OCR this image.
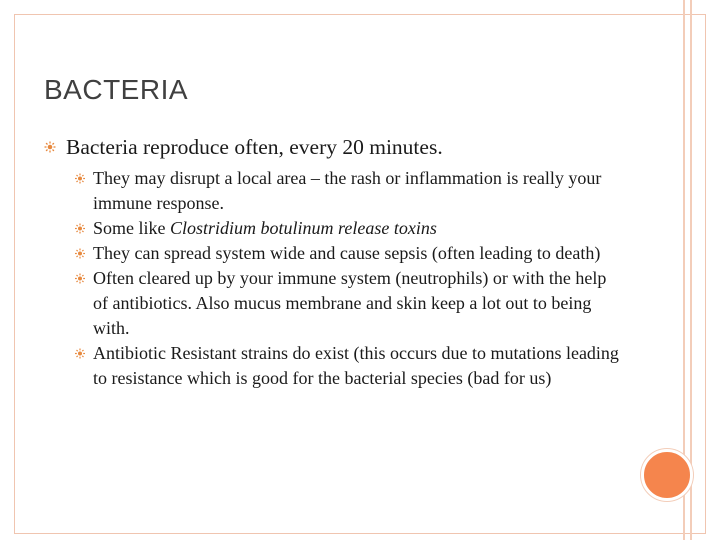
BACTERIA
Bacteria reproduce often, every 20 minutes.
They may disrupt a local area – the rash or inflammation is really your immune response.
Some like Clostridium botulinum release toxins
They can spread system wide and cause sepsis (often leading to death)
Often cleared up by your immune system (neutrophils) or with the help of antibiotics. Also mucus membrane and skin keep a lot out to being with.
Antibiotic Resistant strains do exist (this occurs due to mutations leading to resistance which is good for the bacterial species (bad for us)
